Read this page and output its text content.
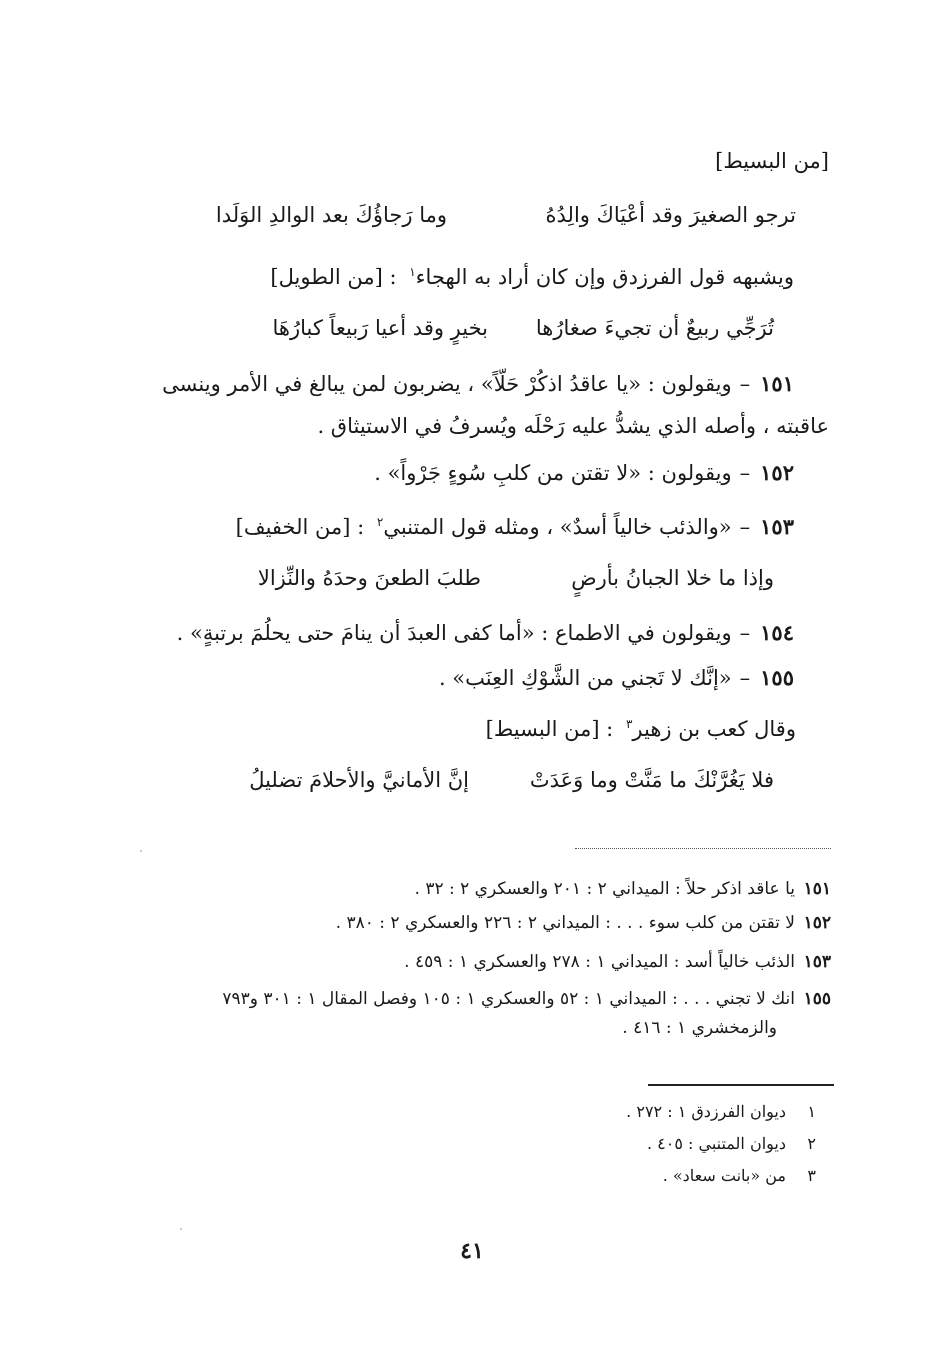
[من البسيط]
ترجو الصغيرَ وقد أعْيَاكَ والِدُهُ
وما رَجاؤُكَ بعد الوالدِ الوَلَدا
ويشبهه قول الفرزدق وإن كان أراد به الهجاء$^١$ : [من الطويل]
تُرَجِّي ربيعٌ أن تجيءَ صغارُها
بخيرٍ وقد أعيا رَبيعاً كبارُهَا
١٥١–ويقولون : «يا عاقدُ اذكُرْ حَلّاً» ، يضربون لمن يبالغ في الأمر وينسى
عاقبته ، وأصله الذي يشدُّ عليه رَحْلَه ويُسرفُ في الاستيثاق .
١٥٢–ويقولون : «لا تقتن من كلبِ سُوءٍ جَرْواً» .
١٥٣–«والذئب خالياً أسدٌ» ، ومثله قول المتنبي$^٢$ : [من الخفيف]
وإذا ما خلا الجبانُ بأرضٍ
طلبَ الطعنَ وحدَهُ والنِّزالا
١٥٤–ويقولون في الاطماع : «أما كفى العبدَ أن ينامَ حتى يحلُمَ برتبةٍ» .
١٥٥–«إنَّك لا تَجني من الشَّوْكِ العِنَب» .
وقال كعب بن زهير$^٣$ : [من البسيط]
فلا يَغُرَّنْكَ ما مَنَّتْ وما وَعَدَتْ
إنَّ الأمانيَّ والأحلامَ تضليلُ
١٥١يا عاقد اذكر حلاً : الميداني ٢ : ٢٠١ والعسكري ٢ : ٣٢ .
١٥٢لا تقتن من كلب سوء . . . : الميداني ٢ : ٢٢٦ والعسكري ٢ : ٣٨٠ .
١٥٣الذئب خالياً أسد : الميداني ١ : ٢٧٨ والعسكري ١ : ٤٥٩ .
١٥٥انك لا تجني . . . : الميداني ١ : ٥٢ والعسكري ١ : ١٠٥ وفصل المقال ١ : ٣٠١ و٧٩٣
والزمخشري ١ : ٤١٦ .
١ديوان الفرزدق ١ : ٢٧٢ .
٢ديوان المتنبي : ٤٠٥ .
٣من «بانت سعاد» .
٤١
